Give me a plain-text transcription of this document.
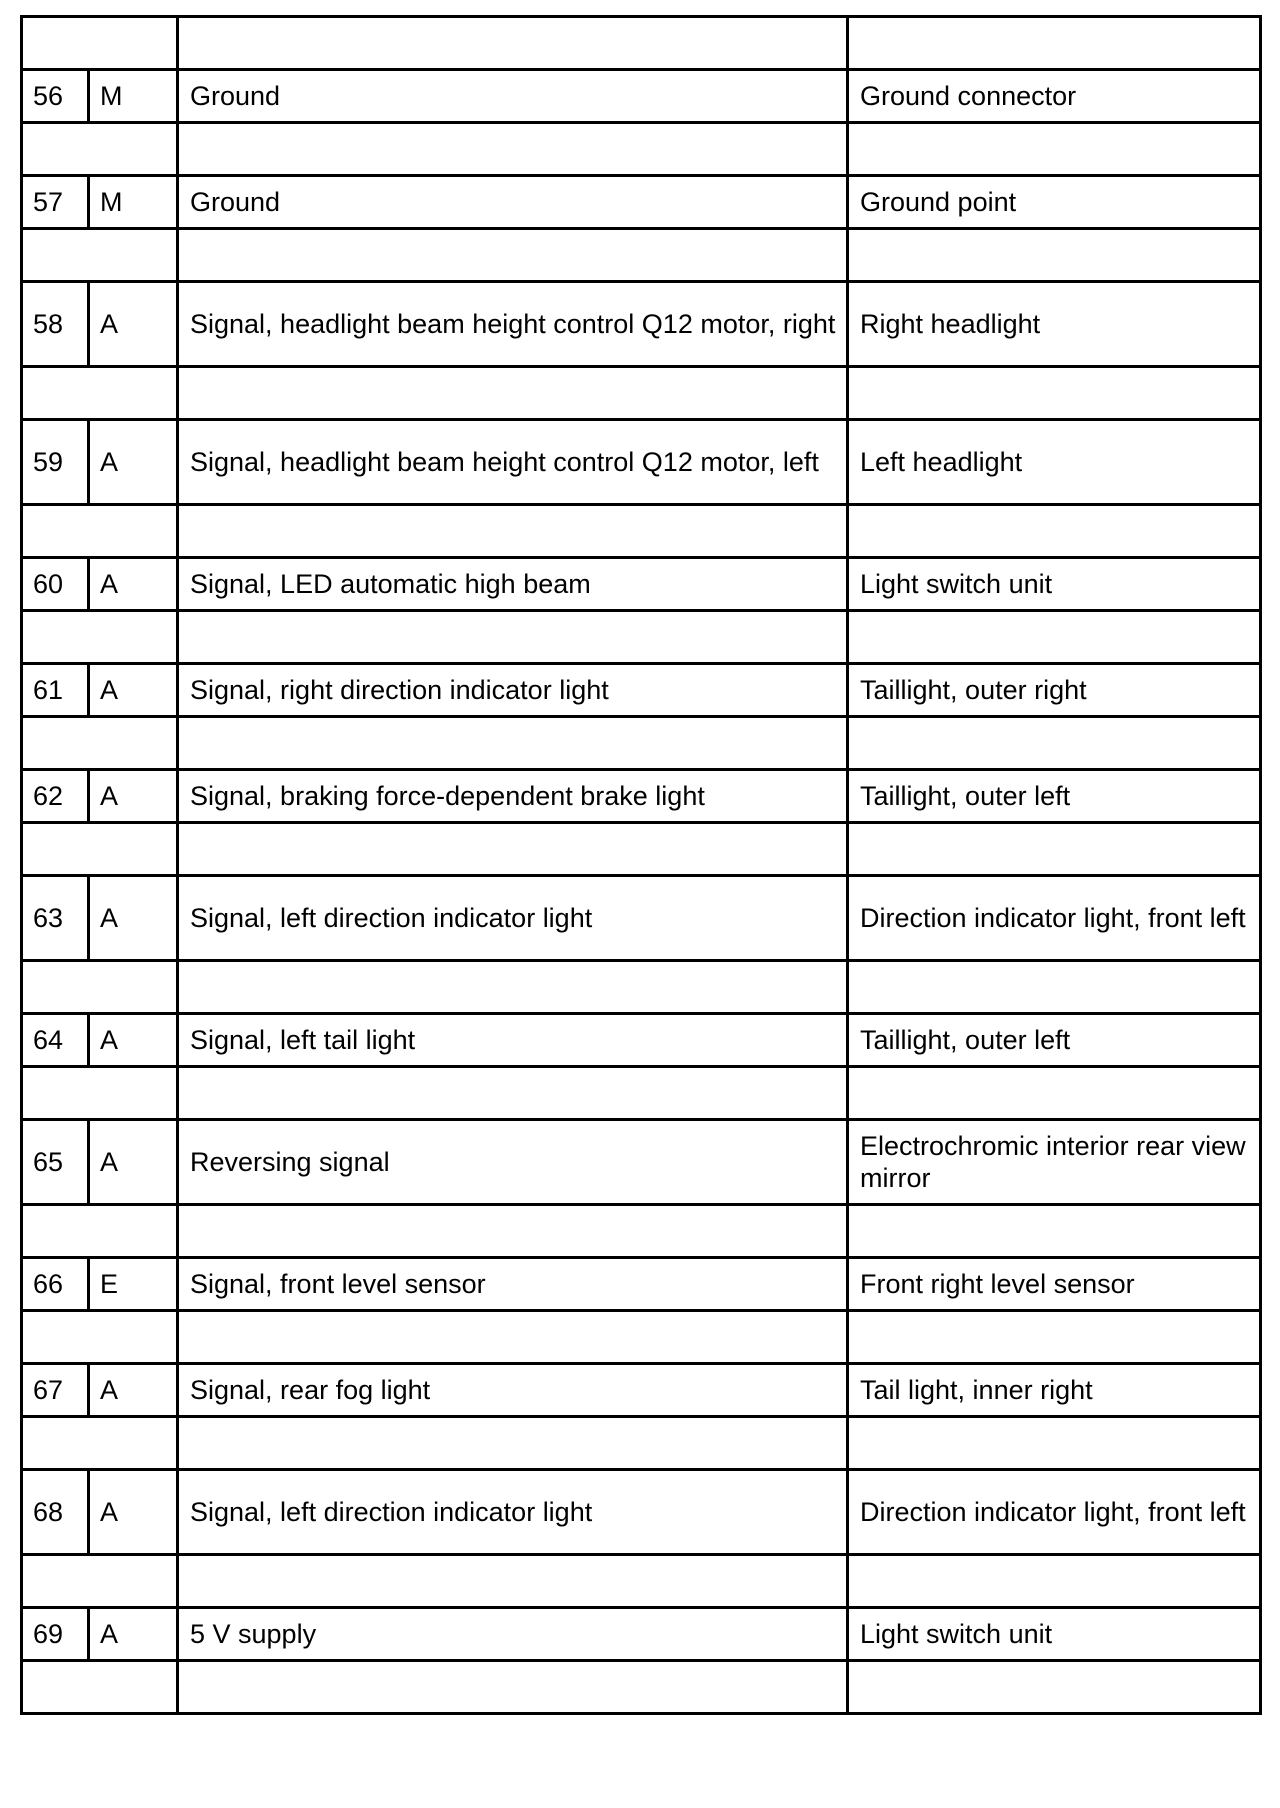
56	M	Ground	Ground connector

57	M	Ground	Ground point

58	A	Signal, headlight beam height control Q12 motor, right	Right headlight

59	A	Signal, headlight beam height control Q12 motor, left	Left headlight

60	A	Signal, LED automatic high beam	Light switch unit

61	A	Signal, right direction indicator light	Taillight, outer right

62	A	Signal, braking force-dependent brake light	Taillight, outer left

63	A	Signal, left direction indicator light	Direction indicator light, front left

64	A	Signal, left tail light	Taillight, outer left

65	A	Reversing signal	Electrochromic interior rear view mirror

66	E	Signal, front level sensor	Front right level sensor

67	A	Signal, rear fog light	Tail light, inner right

68	A	Signal, left direction indicator light	Direction indicator light, front left

69	A	5 V supply	Light switch unit
